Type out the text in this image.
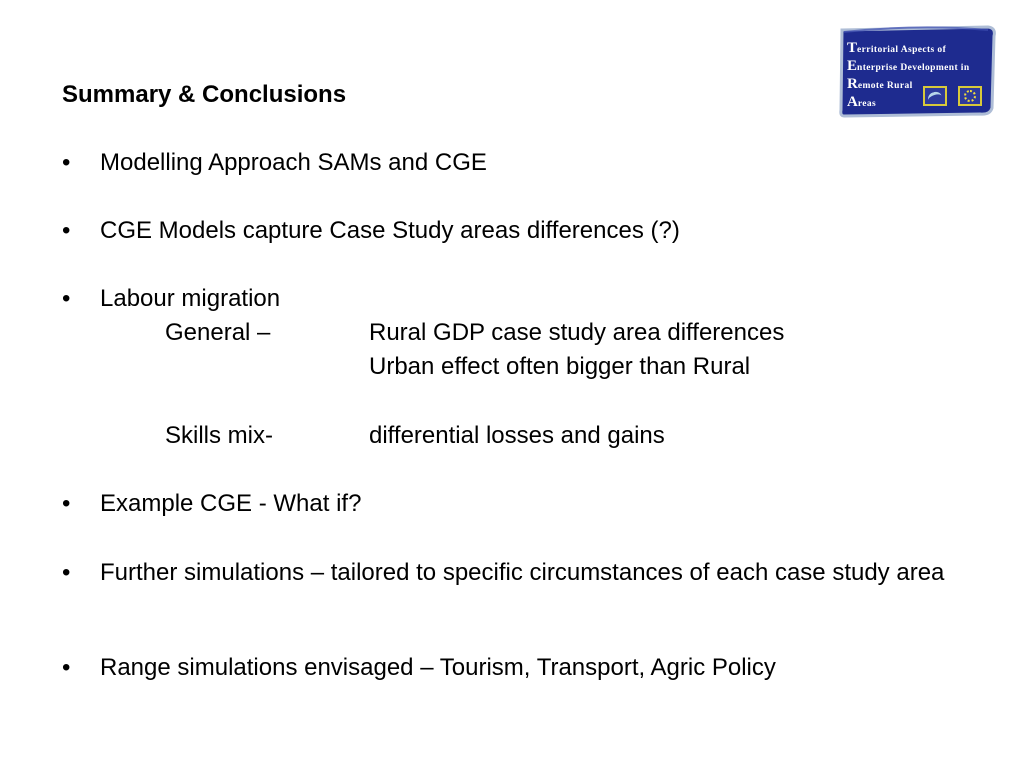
Territorial Aspects of
Enterprise Development in
Remote Rural
Areas
Summary & Conclusions
• Modelling Approach SAMs and CGE
• CGE Models capture Case Study areas differences (?)
• Labour migration
General –	Rural GDP case study area differences
Urban effect often bigger than Rural
Skills mix-	differential losses and gains
• Example CGE - What if?
• Further simulations – tailored to specific circumstances of each case study area
• Range simulations envisaged – Tourism, Transport, Agric Policy
